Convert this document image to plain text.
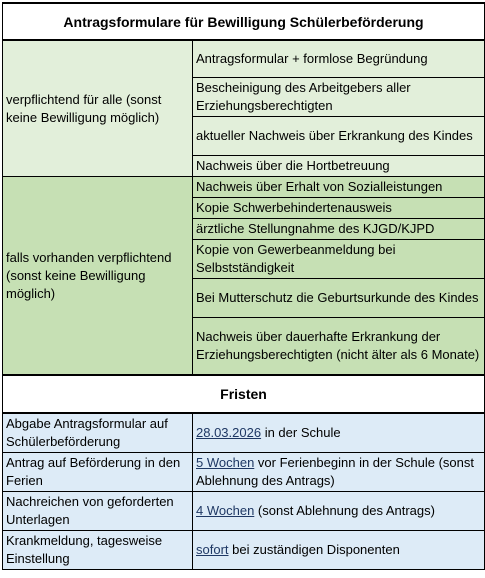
Antragsformulare für Bewilligung Schülerbeförderung	
verpflichtend für alle (sonst keine Bewilligung möglich)	Antragsformular + formlose Begründung
	Bescheinigung des Arbeitgebers aller Erziehungsberechtigten
	aktueller Nachweis über Erkrankung des Kindes
	Nachweis über die Hortbetreuung
falls vorhanden verpflichtend (sonst keine Bewilligung möglich)	Nachweis über Erhalt von Sozialleistungen
	Kopie Schwerbehindertenausweis
	ärztliche Stellungnahme des KJGD/KJPD
	Kopie von Gewerbeanmeldung bei Selbstständigkeit
	Bei Mutterschutz die Geburtsurkunde des Kindes
	Nachweis über dauerhafte Erkrankung der Erziehungsberechtigten (nicht älter als 6 Monate)
Fristen	
Abgabe Antragsformular auf Schülerbeförderung	28.03.2026 in der Schule
Antrag auf Beförderung in den Ferien	5 Wochen vor Ferienbeginn in der Schule (sonst Ablehnung des Antrags)
Nachreichen von geforderten Unterlagen	4 Wochen (sonst Ablehnung des Antrags)
Krankmeldung, tagesweise Einstellung	sofort bei zuständigen Disponenten
